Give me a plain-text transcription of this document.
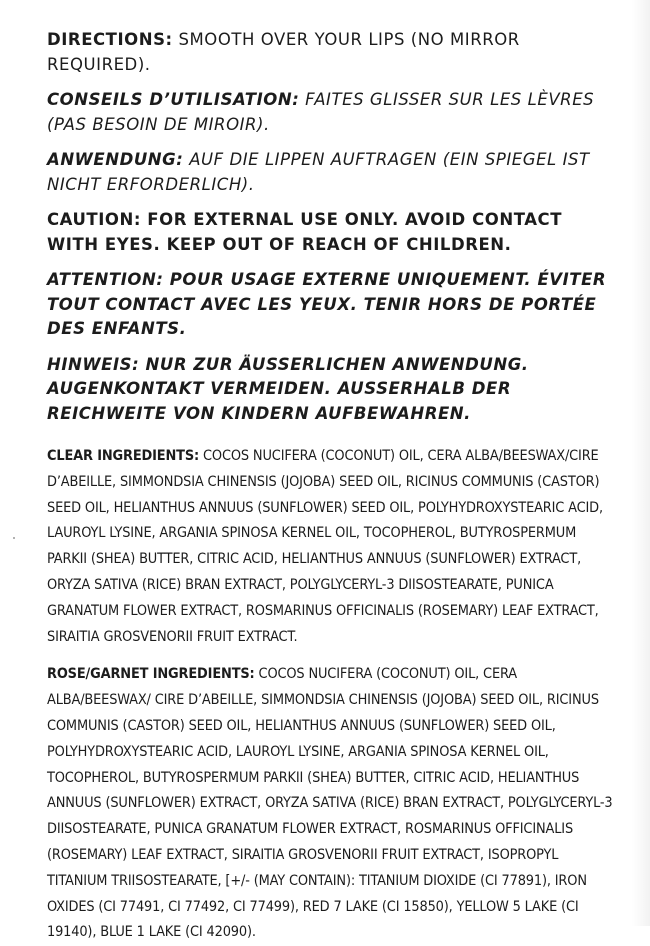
DIRECTIONS: SMOOTH OVER YOUR LIPS (NO MIRROR REQUIRED).

CONSEILS D’UTILISATION: FAITES GLISSER SUR LES LÈVRES (PAS BESOIN DE MIROIR).

ANWENDUNG: AUF DIE LIPPEN AUFTRAGEN (EIN SPIEGEL IST NICHT ERFORDERLICH).

CAUTION: FOR EXTERNAL USE ONLY. AVOID CONTACT WITH EYES. KEEP OUT OF REACH OF CHILDREN.

ATTENTION: POUR USAGE EXTERNE UNIQUEMENT. ÉVITER TOUT CONTACT AVEC LES YEUX. TENIR HORS DE PORTÉE DES ENFANTS.

HINWEIS: NUR ZUR ÄUSSERLICHEN ANWENDUNG. AUGENKONTAKT VERMEIDEN. AUSSERHALB DER REICHWEITE VON KINDERN AUFBEWAHREN.

CLEAR INGREDIENTS: COCOS NUCIFERA (COCONUT) OIL, CERA ALBA/BEESWAX/CIRE D’ABEILLE, SIMMONDSIA CHINENSIS (JOJOBA) SEED OIL, RICINUS COMMUNIS (CASTOR) SEED OIL, HELIANTHUS ANNUUS (SUNFLOWER) SEED OIL, POLYHYDROXYSTEARIC ACID, LAUROYL LYSINE, ARGANIA SPINOSA KERNEL OIL, TOCOPHEROL, BUTYROSPERMUM PARKII (SHEA) BUTTER, CITRIC ACID, HELIANTHUS ANNUUS (SUNFLOWER) EXTRACT, ORYZA SATIVA (RICE) BRAN EXTRACT, POLYGLYCERYL-3 DIISOSTEARATE, PUNICA GRANATUM FLOWER EXTRACT, ROSMARINUS OFFICINALIS (ROSEMARY) LEAF EXTRACT, SIRAITIA GROSVENORII FRUIT EXTRACT.

ROSE/GARNET INGREDIENTS: COCOS NUCIFERA (COCONUT) OIL, CERA ALBA/BEESWAX/ CIRE D’ABEILLE, SIMMONDSIA CHINENSIS (JOJOBA) SEED OIL, RICINUS COMMUNIS (CASTOR) SEED OIL, HELIANTHUS ANNUUS (SUNFLOWER) SEED OIL, POLYHYDROXYSTEARIC ACID, LAUROYL LYSINE, ARGANIA SPINOSA KERNEL OIL, TOCOPHEROL, BUTYROSPERMUM PARKII (SHEA) BUTTER, CITRIC ACID, HELIANTHUS ANNUUS (SUNFLOWER) EXTRACT, ORYZA SATIVA (RICE) BRAN EXTRACT, POLYGLYCERYL-3 DIISOSTEARATE, PUNICA GRANATUM FLOWER EXTRACT, ROSMARINUS OFFICINALIS (ROSEMARY) LEAF EXTRACT, SIRAITIA GROSVENORII FRUIT EXTRACT, ISOPROPYL TITANIUM TRIISOSTEARATE, [+/- (MAY CONTAIN): TITANIUM DIOXIDE (CI 77891), IRON OXIDES (CI 77491, CI 77492, CI 77499), RED 7 LAKE (CI 15850), YELLOW 5 LAKE (CI 19140), BLUE 1 LAKE (CI 42090).
